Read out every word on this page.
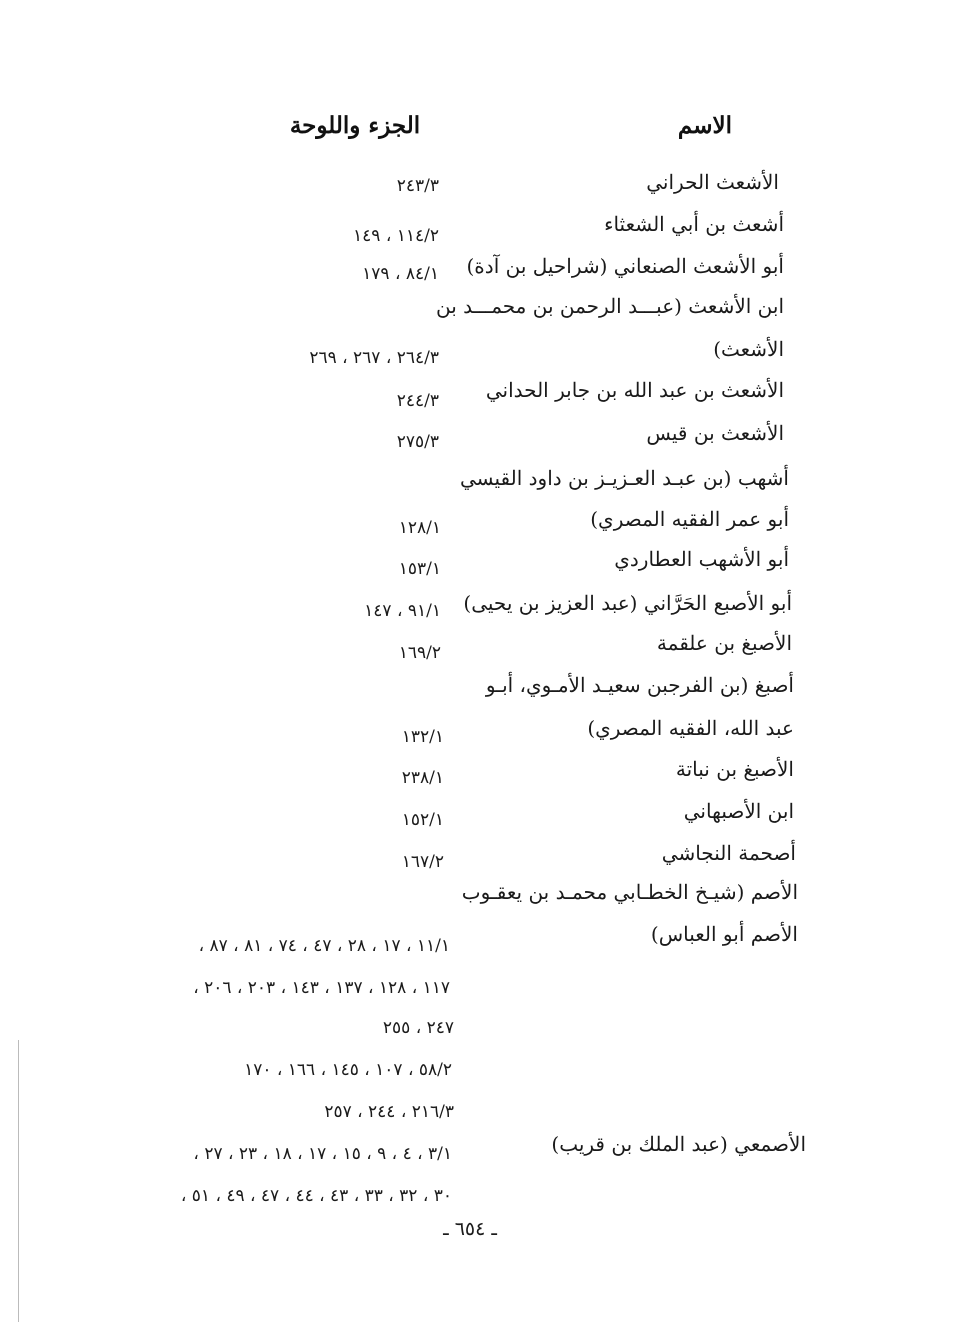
الاسم
الجزء واللوحة
الأشعث الحراني
٢٤٣/٣
أشعث بن أبي الشعثاء
١١٤/٢ ، ١٤٩
أبو الأشعث الصنعاني (شراحيل بن آدة)
٨٤/١ ، ١٧٩
ابن الأشعث (عبـــد الرحمن بن محمـــد بن
الأشعث)
٢٦٤/٣ ، ٢٦٧ ، ٢٦٩
الأشعث بن عبد الله بن جابر الحداني
٢٤٤/٣
الأشعث بن قيس
٢٧٥/٣
أشهب (بن عبـد العـزيـز بن داود القيسي
أبو عمر الفقيه المصري)
١٢٨/١
أبو الأشهب العطاردي
١٥٣/١
أبو الأصبع الحَرَّاني (عبد العزيز بن يحيى)
٩١/١ ، ١٤٧
الأصبغ بن علقمة
١٦٩/٢
أصبغ (بن الفرجبن سعيـد الأمـوي، أبـو
عبد الله، الفقيه المصري)
١٣٢/١
الأصبغ بن نباتة
٢٣٨/١
ابن الأصبهاني
١٥٢/١
أصحمة النجاشي
١٦٧/٢
الأصم (شيـخ الخطـابي محمـد بن يعقـوب
الأصم أبو العباس)
١١/١ ، ١٧ ، ٢٨ ، ٤٧ ، ٧٤ ، ٨١ ، ٨٧ ،
١١٧ ، ١٢٨ ، ١٣٧ ، ١٤٣ ، ٢٠٣ ، ٢٠٦ ،
٢٤٧ ، ٢٥٥
٥٨/٢ ، ١٠٧ ، ١٤٥ ، ١٦٦ ، ١٧٠
٢١٦/٣ ، ٢٤٤ ، ٢٥٧
الأصمعي (عبد الملك بن قريب)
٣/١ ، ٤ ، ٩ ، ١٥ ، ١٧ ، ١٨ ، ٢٣ ، ٢٧ ،
٣٠ ، ٣٢ ، ٣٣ ، ٤٣ ، ٤٤ ، ٤٧ ، ٤٩ ، ٥١ ،
ـ ٦٥٤ ـ
